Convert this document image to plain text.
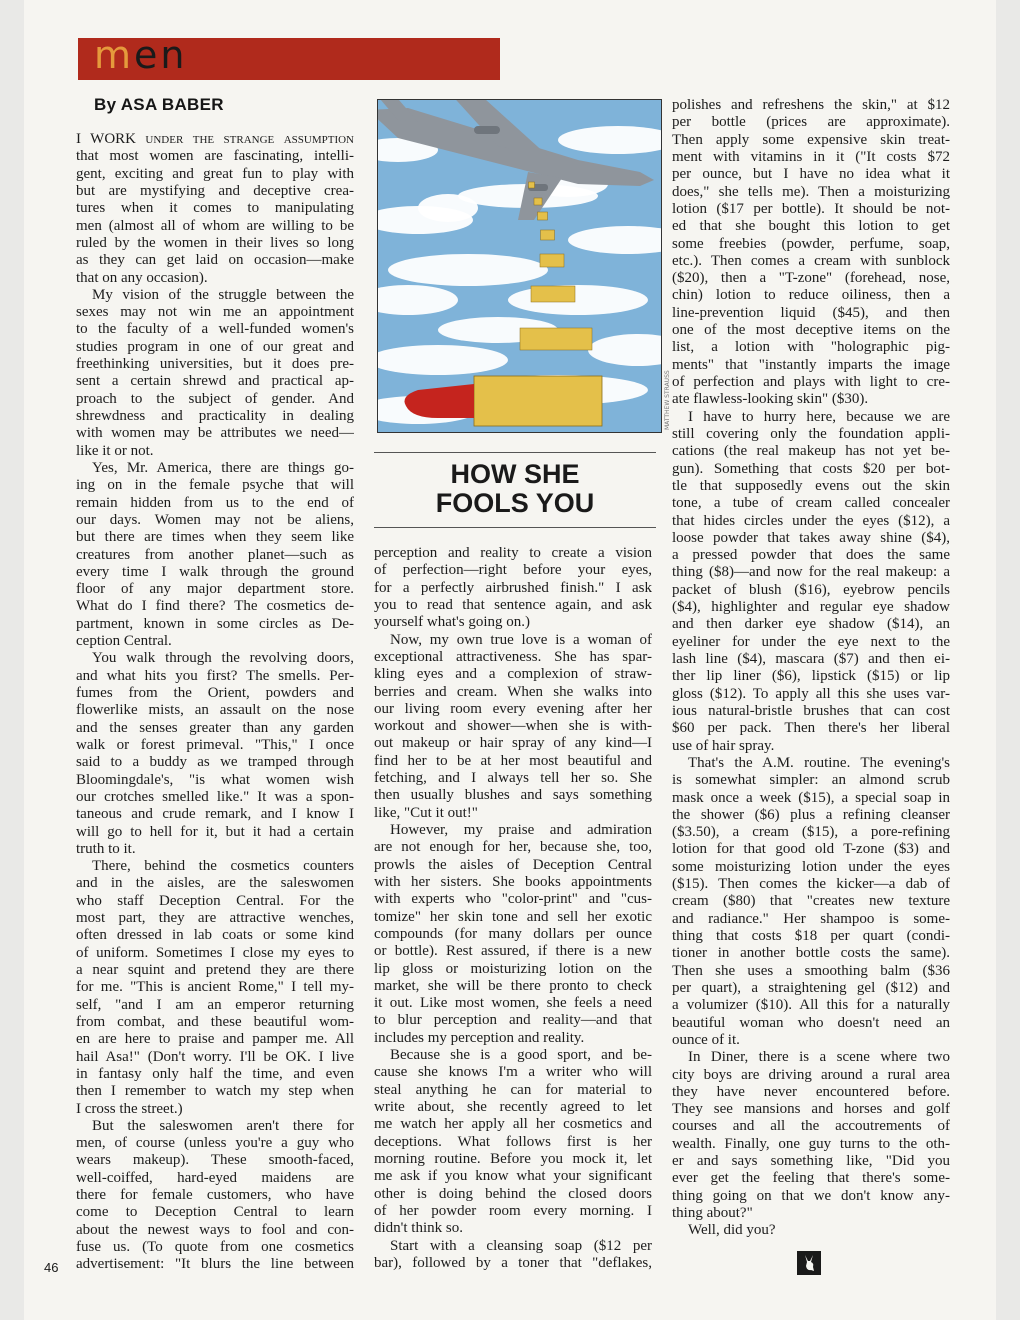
men
By ASA BABER
I WORK under the strange assumption
that most women are fascinating, intelli-
gent, exciting and great fun to play with
but are mystifying and deceptive crea-
tures when it comes to manipulating
men (almost all of whom are willing to be
ruled by the women in their lives so long
as they can get laid on occasion—make
that on any occasion).
My vision of the struggle between the
sexes may not win me an appointment
to the faculty of a well-funded women's
studies program in one of our great and
freethinking universities, but it does pre-
sent a certain shrewd and practical ap-
proach to the subject of gender. And
shrewdness and practicality in dealing
with women may be attributes we need—
like it or not.
Yes, Mr. America, there are things go-
ing on in the female psyche that will
remain hidden from us to the end of
our days. Women may not be aliens,
but there are times when they seem like
creatures from another planet—such as
every time I walk through the ground
floor of any major department store.
What do I find there? The cosmetics de-
partment, known in some circles as De-
ception Central.
You walk through the revolving doors,
and what hits you first? The smells. Per-
fumes from the Orient, powders and
flowerlike mists, an assault on the nose
and the senses greater than any garden
walk or forest primeval. "This," I once
said to a buddy as we tramped through
Bloomingdale's, "is what women wish
our crotches smelled like." It was a spon-
taneous and crude remark, and I know I
will go to hell for it, but it had a certain
truth to it.
There, behind the cosmetics counters
and in the aisles, are the saleswomen
who staff Deception Central. For the
most part, they are attractive wenches,
often dressed in lab coats or some kind
of uniform. Sometimes I close my eyes to
a near squint and pretend they are there
for me. "This is ancient Rome," I tell my-
self, "and I am an emperor returning
from combat, and these beautiful wom-
en are here to praise and pamper me. All
hail Asa!" (Don't worry. I'll be OK. I live
in fantasy only half the time, and even
then I remember to watch my step when
I cross the street.)
But the saleswomen aren't there for
men, of course (unless you're a guy who
wears makeup). These smooth-faced,
well-coiffed, hard-eyed maidens are
there for female customers, who have
come to Deception Central to learn
about the newest ways to fool and con-
fuse us. (To quote from one cosmetics
advertisement: "It blurs the line between
MATTHEW STRAUSS
HOW SHE
FOOLS YOU
perception and reality to create a vision
of perfection—right before your eyes,
for a perfectly airbrushed finish." I ask
you to read that sentence again, and ask
yourself what's going on.)
Now, my own true love is a woman of
exceptional attractiveness. She has spar-
kling eyes and a complexion of straw-
berries and cream. When she walks into
our living room every evening after her
workout and shower—when she is with-
out makeup or hair spray of any kind—I
find her to be at her most beautiful and
fetching, and I always tell her so. She
then usually blushes and says something
like, "Cut it out!"
However, my praise and admiration
are not enough for her, because she, too,
prowls the aisles of Deception Central
with her sisters. She books appointments
with experts who "color-print" and "cus-
tomize" her skin tone and sell her exotic
compounds (for many dollars per ounce
or bottle). Rest assured, if there is a new
lip gloss or moisturizing lotion on the
market, she will be there pronto to check
it out. Like most women, she feels a need
to blur perception and reality—and that
includes my perception and reality.
Because she is a good sport, and be-
cause she knows I'm a writer who will
steal anything he can for material to
write about, she recently agreed to let
me watch her apply all her cosmetics and
deceptions. What follows first is her
morning routine. Before you mock it, let
me ask if you know what your significant
other is doing behind the closed doors
of her powder room every morning. I
didn't think so.
Start with a cleansing soap ($12 per
bar), followed by a toner that "deflakes,
polishes and refreshens the skin," at $12
per bottle (prices are approximate).
Then apply some expensive skin treat-
ment with vitamins in it ("It costs $72
per ounce, but I have no idea what it
does," she tells me). Then a moisturizing
lotion ($17 per bottle). It should be not-
ed that she bought this lotion to get
some freebies (powder, perfume, soap,
etc.). Then comes a cream with sunblock
($20), then a "T-zone" (forehead, nose,
chin) lotion to reduce oiliness, then a
line-prevention liquid ($45), and then
one of the most deceptive items on the
list, a lotion with "holographic pig-
ments" that "instantly imparts the image
of perfection and plays with light to cre-
ate flawless-looking skin" ($30).
I have to hurry here, because we are
still covering only the foundation appli-
cations (the real makeup has not yet be-
gun). Something that costs $20 per bot-
tle that supposedly evens out the skin
tone, a tube of cream called concealer
that hides circles under the eyes ($12), a
loose powder that takes away shine ($4),
a pressed powder that does the same
thing ($8)—and now for the real makeup: a
packet of blush ($16), eyebrow pencils
($4), highlighter and regular eye shadow
and then darker eye shadow ($14), an
eyeliner for under the eye next to the
lash line ($4), mascara ($7) and then ei-
ther lip liner ($6), lipstick ($15) or lip
gloss ($12). To apply all this she uses var-
ious natural-bristle brushes that can cost
$60 per pack. Then there's her liberal
use of hair spray.
That's the A.M. routine. The evening's
is somewhat simpler: an almond scrub
mask once a week ($15), a special soap in
the shower ($6) plus a refining cleanser
($3.50), a cream ($15), a pore-refining
lotion for that good old T-zone ($3) and
some moisturizing lotion under the eyes
($15). Then comes the kicker—a dab of
cream ($80) that "creates new texture
and radiance." Her shampoo is some-
thing that costs $18 per quart (condi-
tioner in another bottle costs the same).
Then she uses a smoothing balm ($36
per quart), a straightening gel ($12) and
a volumizer ($10). All this for a naturally
beautiful woman who doesn't need an
ounce of it.
In Diner, there is a scene where two
city boys are driving around a rural area
they have never encountered before.
They see mansions and horses and golf
courses and all the accoutrements of
wealth. Finally, one guy turns to the oth-
er and says something like, "Did you
ever get the feeling that there's some-
thing going on that we don't know any-
thing about?"
Well, did you?
46
